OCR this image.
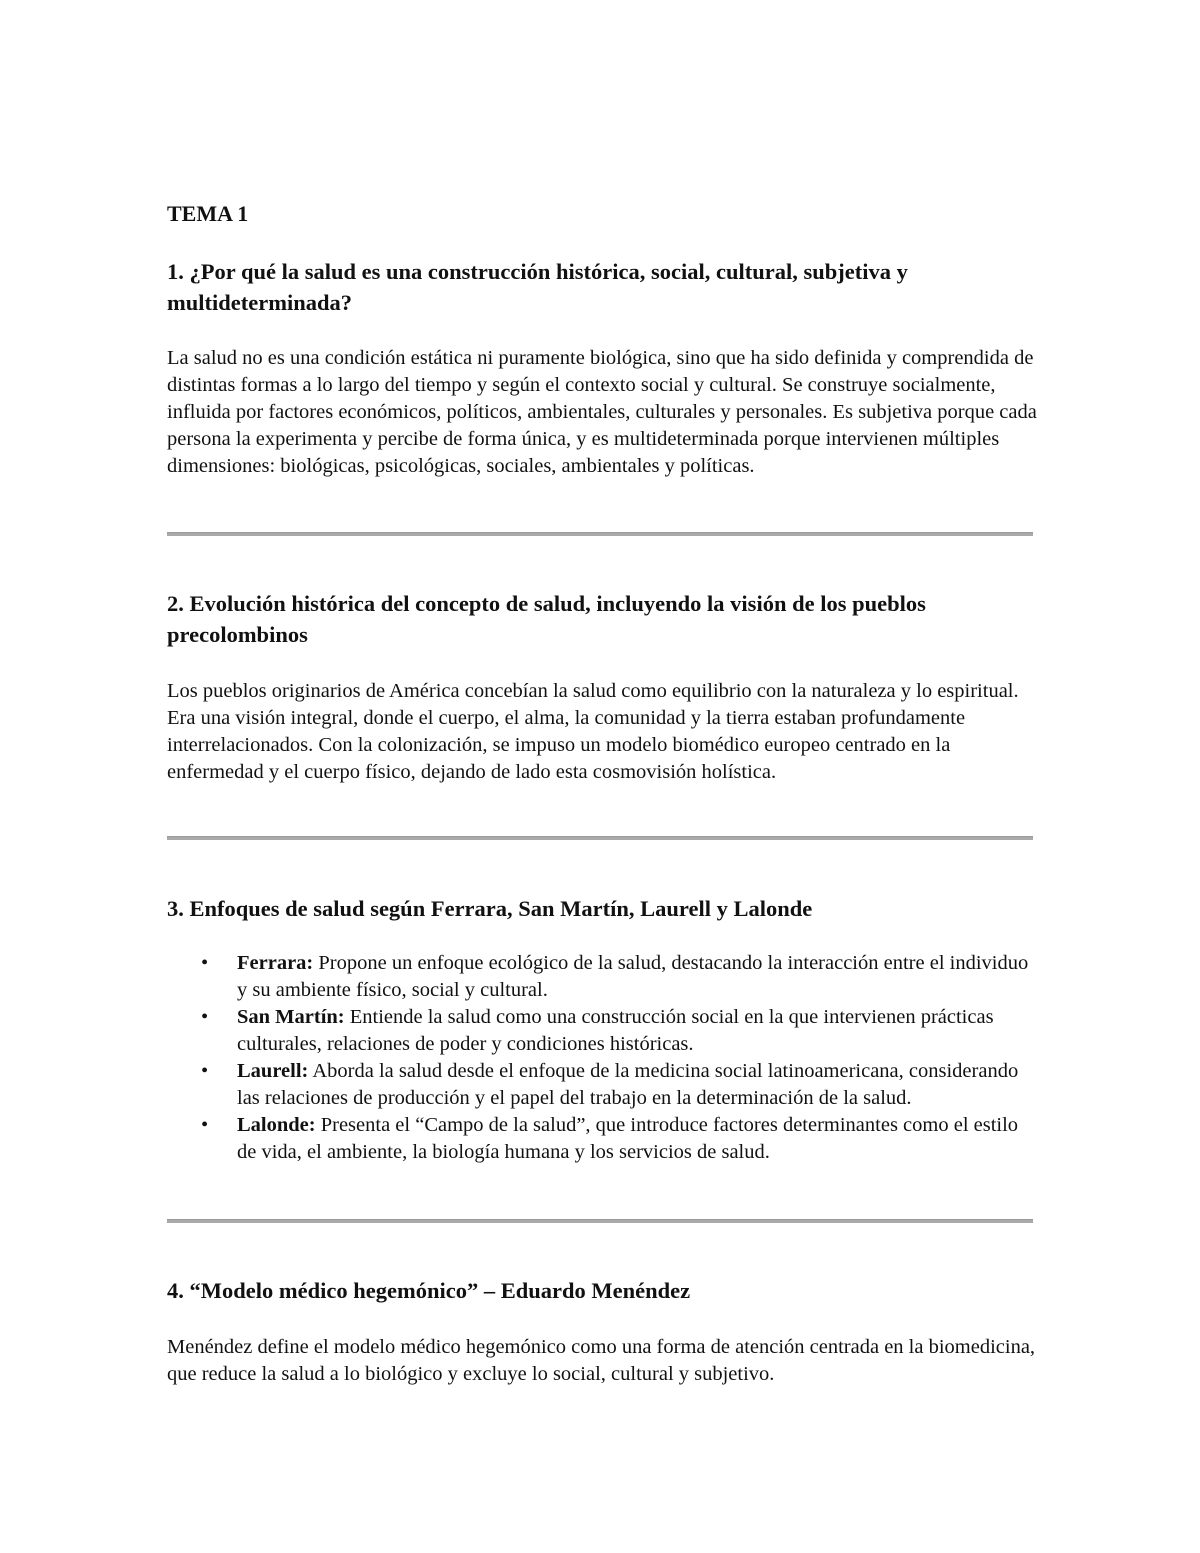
TEMA 1
1. ¿Por qué la salud es una construcción histórica, social, cultural, subjetiva y multideterminada?

La salud no es una condición estática ni puramente biológica, sino que ha sido definida y comprendida de distintas formas a lo largo del tiempo y según el contexto social y cultural. Se construye socialmente, influida por factores económicos, políticos, ambientales, culturales y personales. Es subjetiva porque cada persona la experimenta y percibe de forma única, y es multideterminada porque intervienen múltiples dimensiones: biológicas, psicológicas, sociales, ambientales y políticas.

2. Evolución histórica del concepto de salud, incluyendo la visión de los pueblos precolombinos

Los pueblos originarios de América concebían la salud como equilibrio con la naturaleza y lo espiritual. Era una visión integral, donde el cuerpo, el alma, la comunidad y la tierra estaban profundamente interrelacionados. Con la colonización, se impuso un modelo biomédico europeo centrado en la enfermedad y el cuerpo físico, dejando de lado esta cosmovisión holística.

3. Enfoques de salud según Ferrara, San Martín, Laurell y Lalonde
• Ferrara: Propone un enfoque ecológico de la salud, destacando la interacción entre el individuo y su ambiente físico, social y cultural.
• San Martín: Entiende la salud como una construcción social en la que intervienen prácticas culturales, relaciones de poder y condiciones históricas.
• Laurell: Aborda la salud desde el enfoque de la medicina social latinoamericana, considerando las relaciones de producción y el papel del trabajo en la determinación de la salud.
• Lalonde: Presenta el “Campo de la salud”, que introduce factores determinantes como el estilo de vida, el ambiente, la biología humana y los servicios de salud.
4. “Modelo médico hegemónico” – Eduardo Menéndez

Menéndez define el modelo médico hegemónico como una forma de atención centrada en la biomedicina, que reduce la salud a lo biológico y excluye lo social, cultural y subjetivo.
